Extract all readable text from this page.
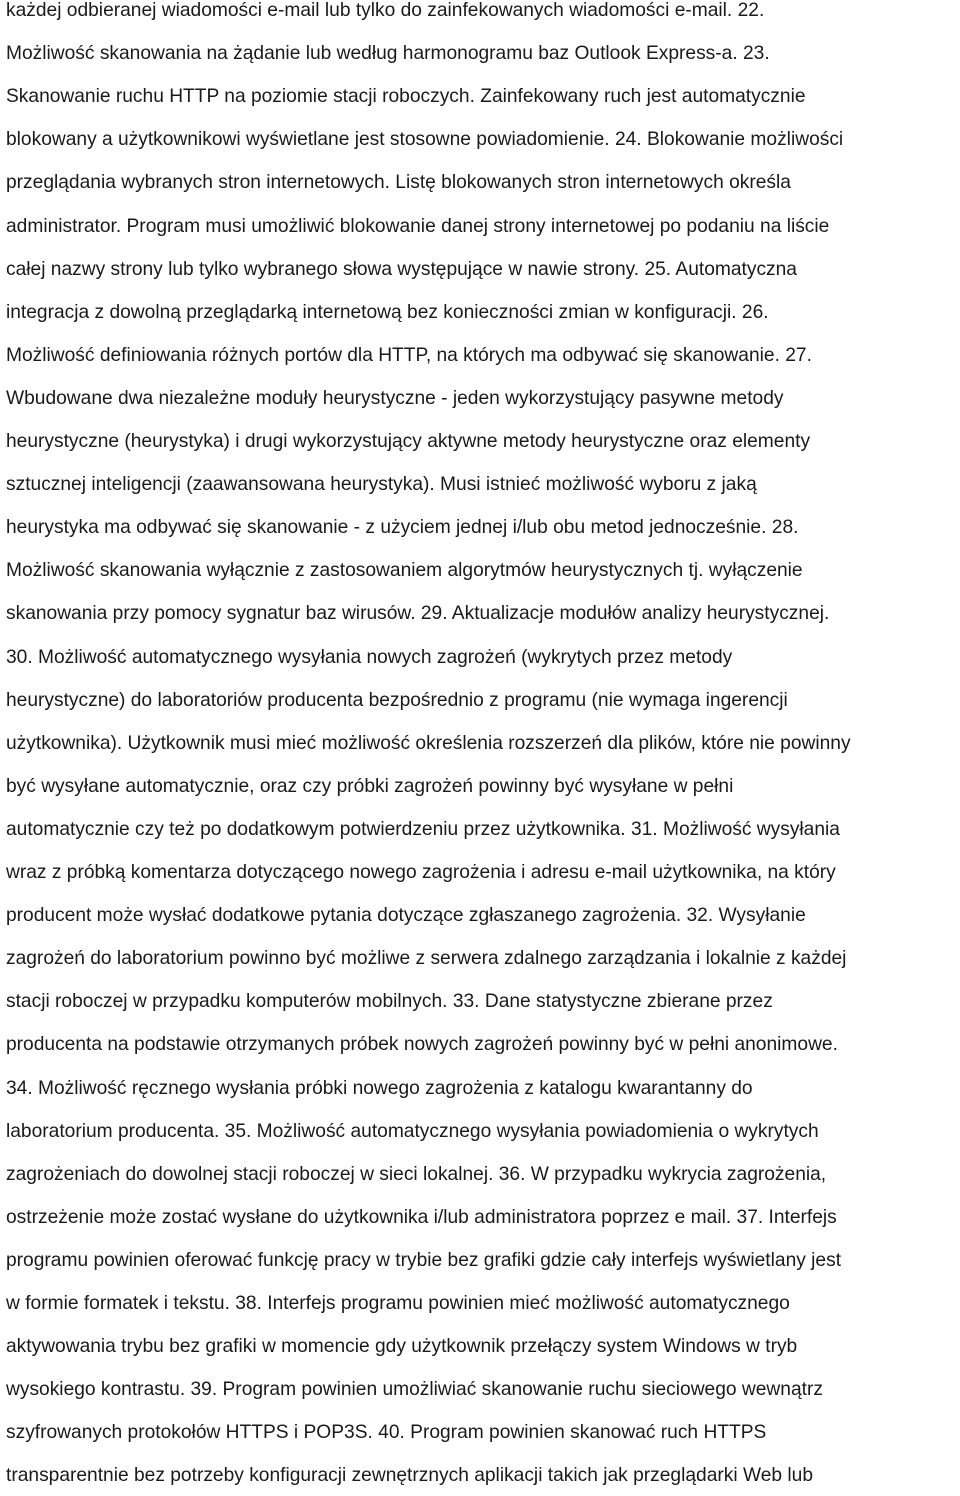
każdej odbieranej wiadomości e-mail lub tylko do zainfekowanych wiadomości e-mail. 22.
Możliwość skanowania na żądanie lub według harmonogramu baz Outlook Express-a. 23.
Skanowanie ruchu HTTP na poziomie stacji roboczych. Zainfekowany ruch jest automatycznie
blokowany a użytkownikowi wyświetlane jest stosowne powiadomienie. 24. Blokowanie możliwości
przeglądania wybranych stron internetowych. Listę blokowanych stron internetowych określa
administrator. Program musi umożliwić blokowanie danej strony internetowej po podaniu na liście
całej nazwy strony lub tylko wybranego słowa występujące w nawie strony. 25. Automatyczna
integracja z dowolną przeglądarką internetową bez konieczności zmian w konfiguracji. 26.
Możliwość definiowania różnych portów dla HTTP, na których ma odbywać się skanowanie. 27.
Wbudowane dwa niezależne moduły heurystyczne - jeden wykorzystujący pasywne metody
heurystyczne (heurystyka) i drugi wykorzystujący aktywne metody heurystyczne oraz elementy
sztucznej inteligencji (zaawansowana heurystyka). Musi istnieć możliwość wyboru z jaką
heurystyka ma odbywać się skanowanie - z użyciem jednej i/lub obu metod jednocześnie. 28.
Możliwość skanowania wyłącznie z zastosowaniem algorytmów heurystycznych tj. wyłączenie
skanowania przy pomocy sygnatur baz wirusów. 29. Aktualizacje modułów analizy heurystycznej.
30. Możliwość automatycznego wysyłania nowych zagrożeń (wykrytych przez metody
heurystyczne) do laboratoriów producenta bezpośrednio z programu (nie wymaga ingerencji
użytkownika). Użytkownik musi mieć możliwość określenia rozszerzeń dla plików, które nie powinny
być wysyłane automatycznie, oraz czy próbki zagrożeń powinny być wysyłane w pełni
automatycznie czy też po dodatkowym potwierdzeniu przez użytkownika. 31. Możliwość wysyłania
wraz z próbką komentarza dotyczącego nowego zagrożenia i adresu e-mail użytkownika, na który
producent może wysłać dodatkowe pytania dotyczące zgłaszanego zagrożenia. 32. Wysyłanie
zagrożeń do laboratorium powinno być możliwe z serwera zdalnego zarządzania i lokalnie z każdej
stacji roboczej w przypadku komputerów mobilnych. 33. Dane statystyczne zbierane przez
producenta na podstawie otrzymanych próbek nowych zagrożeń powinny być w pełni anonimowe.
34. Możliwość ręcznego wysłania próbki nowego zagrożenia z katalogu kwarantanny do
laboratorium producenta. 35. Możliwość automatycznego wysyłania powiadomienia o wykrytych
zagrożeniach do dowolnej stacji roboczej w sieci lokalnej. 36. W przypadku wykrycia zagrożenia,
ostrzeżenie może zostać wysłane do użytkownika i/lub administratora poprzez e mail. 37. Interfejs
programu powinien oferować funkcję pracy w trybie bez grafiki gdzie cały interfejs wyświetlany jest
w formie formatek i tekstu. 38. Interfejs programu powinien mieć możliwość automatycznego
aktywowania trybu bez grafiki w momencie gdy użytkownik przełączy system Windows w tryb
wysokiego kontrastu. 39. Program powinien umożliwiać skanowanie ruchu sieciowego wewnątrz
szyfrowanych protokołów HTTPS i POP3S. 40. Program powinien skanować ruch HTTPS
transparentnie bez potrzeby konfiguracji zewnętrznych aplikacji takich jak przeglądarki Web lub
